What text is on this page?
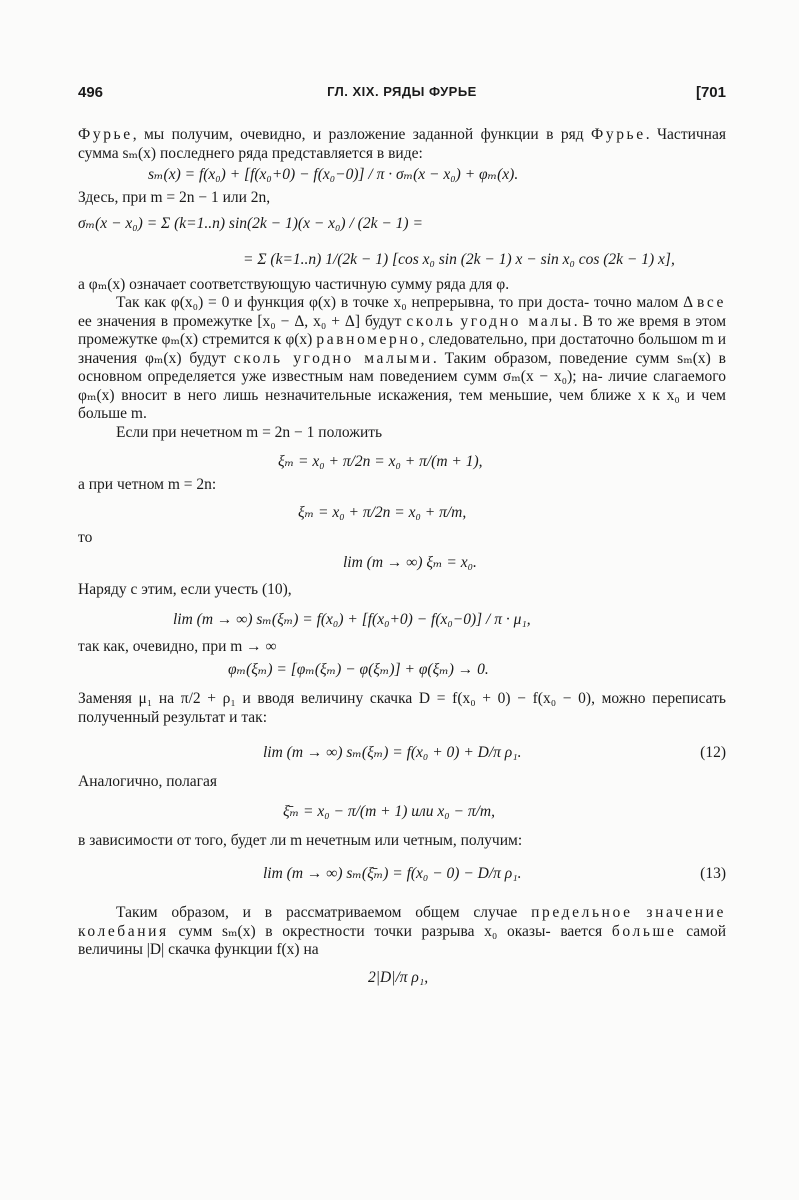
496	ГЛ. XIX. РЯДЫ ФУРЬЕ	[701

Фурье, мы получим, очевидно, и разложение заданной функции в ряд Фурье. Частичная сумма sₘ(x) последнего ряда представляется в виде:

sₘ(x) = f(x₀) + [f(x₀+0) − f(x₀−0)] / π · σₘ(x − x₀) + φₘ(x).

Здесь, при m = 2n − 1 или 2n,

σₘ(x − x₀) = Σ (k=1..n) sin(2k − 1)(x − x₀) / (2k − 1) =
= Σ (k=1..n) 1/(2k − 1) [cos x₀ sin (2k − 1) x − sin x₀ cos (2k − 1) x],

a φₘ(x) означает соответствующую частичную сумму ряда для φ.

Так как φ(x₀) = 0 и функция φ(x) в точке x₀ непрерывна, то при доста- точно малом Δ все ее значения в промежутке [x₀ − Δ, x₀ + Δ] будут сколь угодно малы. В то же время в этом промежутке φₘ(x) стремится к φ(x) равномерно, следовательно, при достаточно большом m и значения φₘ(x) будут сколь угодно малыми. Таким образом, поведение сумм sₘ(x) в основном определяется уже известным нам поведением сумм σₘ(x − x₀); на- личие слагаемого φₘ(x) вносит в него лишь незначительные искажения, тем меньшие, чем ближе x к x₀ и чем больше m.

Если при нечетном m = 2n − 1 положить

ξₘ = x₀ + π/2n = x₀ + π/(m + 1),

а при четном m = 2n:

ξₘ = x₀ + π/2n = x₀ + π/m,

то

lim (m → ∞) ξₘ = x₀.

Наряду с этим, если учесть (10),

lim (m → ∞) sₘ(ξₘ) = f(x₀) + [f(x₀+0) − f(x₀−0)] / π · μ₁,

так как, очевидно, при m → ∞

φₘ(ξₘ) = [φₘ(ξₘ) − φ(ξₘ)] + φ(ξₘ) → 0.

Заменяя μ₁ на π/2 + ρ₁ и вводя величину скачка D = f(x₀ + 0) − f(x₀ − 0), можно переписать полученный результат и так:

lim (m → ∞) sₘ(ξₘ) = f(x₀ + 0) + D/π ρ₁.	(12)

Аналогично, полагая

ξ̄ₘ = x₀ − π/(m + 1) или x₀ − π/m,

в зависимости от того, будет ли m нечетным или четным, получим:

lim (m → ∞) sₘ(ξ̄ₘ) = f(x₀ − 0) − D/π ρ₁.	(13)

Таким образом, и в рассматриваемом общем случае предельное значение колебания сумм sₘ(x) в окрестности точки разрыва x₀ оказы- вается больше самой величины |D| скачка функции f(x) на

2|D|/π ρ₁,
